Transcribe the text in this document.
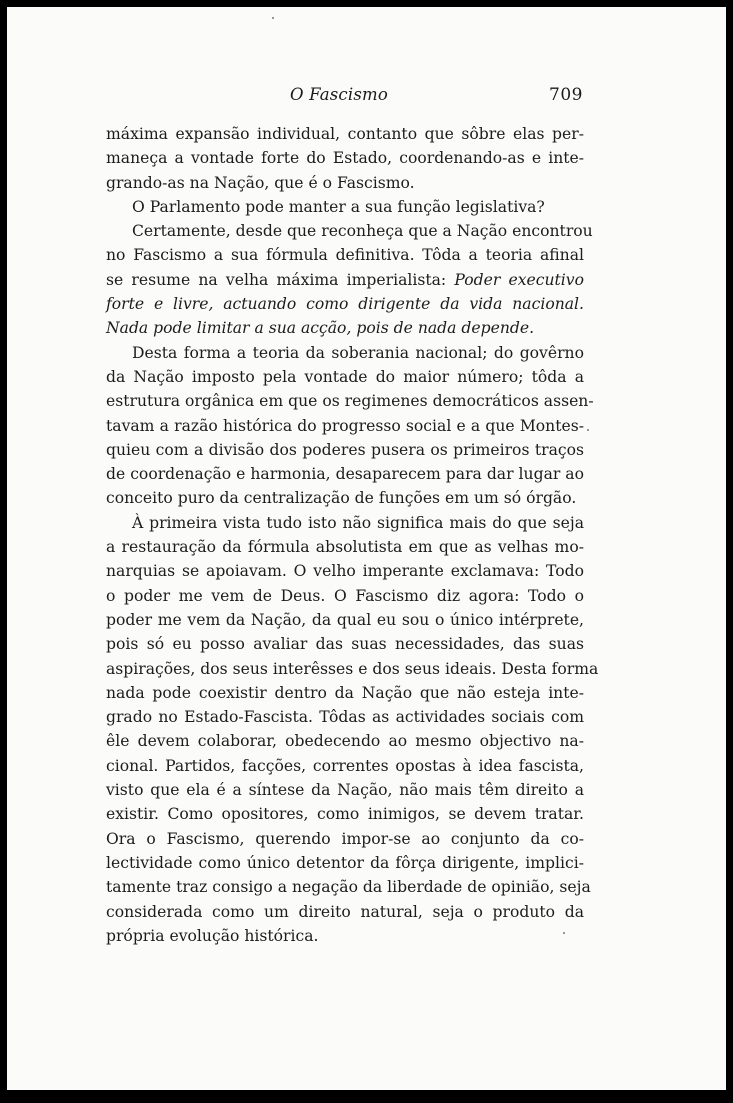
O Fascismo	709
máxima expansão individual, contanto que sôbre elas per-
maneça a vontade forte do Estado, coordenando-as e inte-
grando-as na Nação, que é o Fascismo.
O Parlamento pode manter a sua função legislativa?
Certamente, desde que reconheça que a Nação encontrou
no Fascismo a sua fórmula definitiva. Tôda a teoria afinal
se resume na velha máxima imperialista: Poder executivo
forte e livre, actuando como dirigente da vida nacional.
Nada pode limitar a sua acção, pois de nada depende.
Desta forma a teoria da soberania nacional; do govêrno
da Nação imposto pela vontade do maior número; tôda a
estrutura orgânica em que os regimenes democráticos assen-
tavam a razão histórica do progresso social e a que Montes-
quieu com a divisão dos poderes pusera os primeiros traços
de coordenação e harmonia, desaparecem para dar lugar ao
conceito puro da centralização de funções em um só órgão.
À primeira vista tudo isto não significa mais do que seja
a restauração da fórmula absolutista em que as velhas mo-
narquias se apoiavam. O velho imperante exclamava: Todo
o poder me vem de Deus. O Fascismo diz agora: Todo o
poder me vem da Nação, da qual eu sou o único intérprete,
pois só eu posso avaliar das suas necessidades, das suas
aspirações, dos seus interêsses e dos seus ideais. Desta forma
nada pode coexistir dentro da Nação que não esteja inte-
grado no Estado-Fascista. Tôdas as actividades sociais com
êle devem colaborar, obedecendo ao mesmo objectivo na-
cional. Partidos, facções, correntes opostas à idea fascista,
visto que ela é a síntese da Nação, não mais têm direito a
existir. Como opositores, como inimigos, se devem tratar.
Ora o Fascismo, querendo impor-se ao conjunto da co-
lectividade como único detentor da fôrça dirigente, implici-
tamente traz consigo a negação da liberdade de opinião, seja
considerada como um direito natural, seja o produto da
própria evolução histórica.
